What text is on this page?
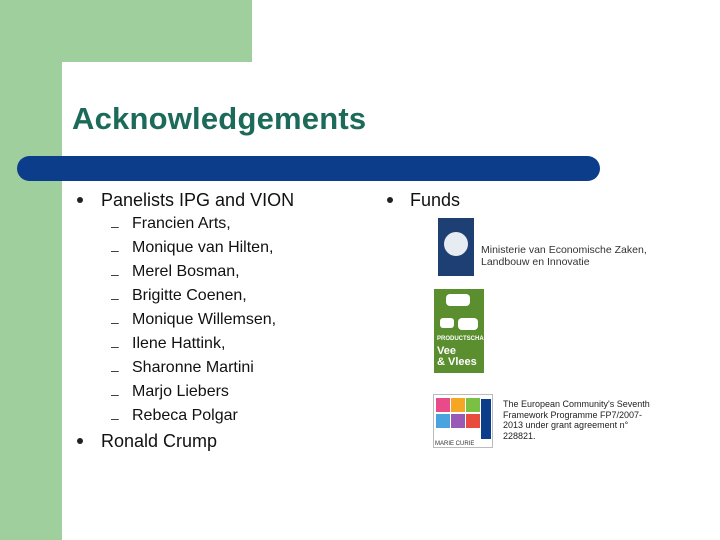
Acknowledgements
Panelists IPG and VION
– Francien Arts,
– Monique van Hilten,
– Merel Bosman,
– Brigitte Coenen,
– Monique Willemsen,
– Ilene Hattink,
– Sharonne Martini
– Marjo Liebers
– Rebeca Polgar
Ronald Crump
Funds
Ministerie van Economische Zaken,
Landbouw en Innovatie
PRODUCTSCHAP
Vee
& Vlees
MARIE CURIE
The European Community's Seventh
Framework Programme FP7/2007-
2013 under grant agreement n°
228821.
